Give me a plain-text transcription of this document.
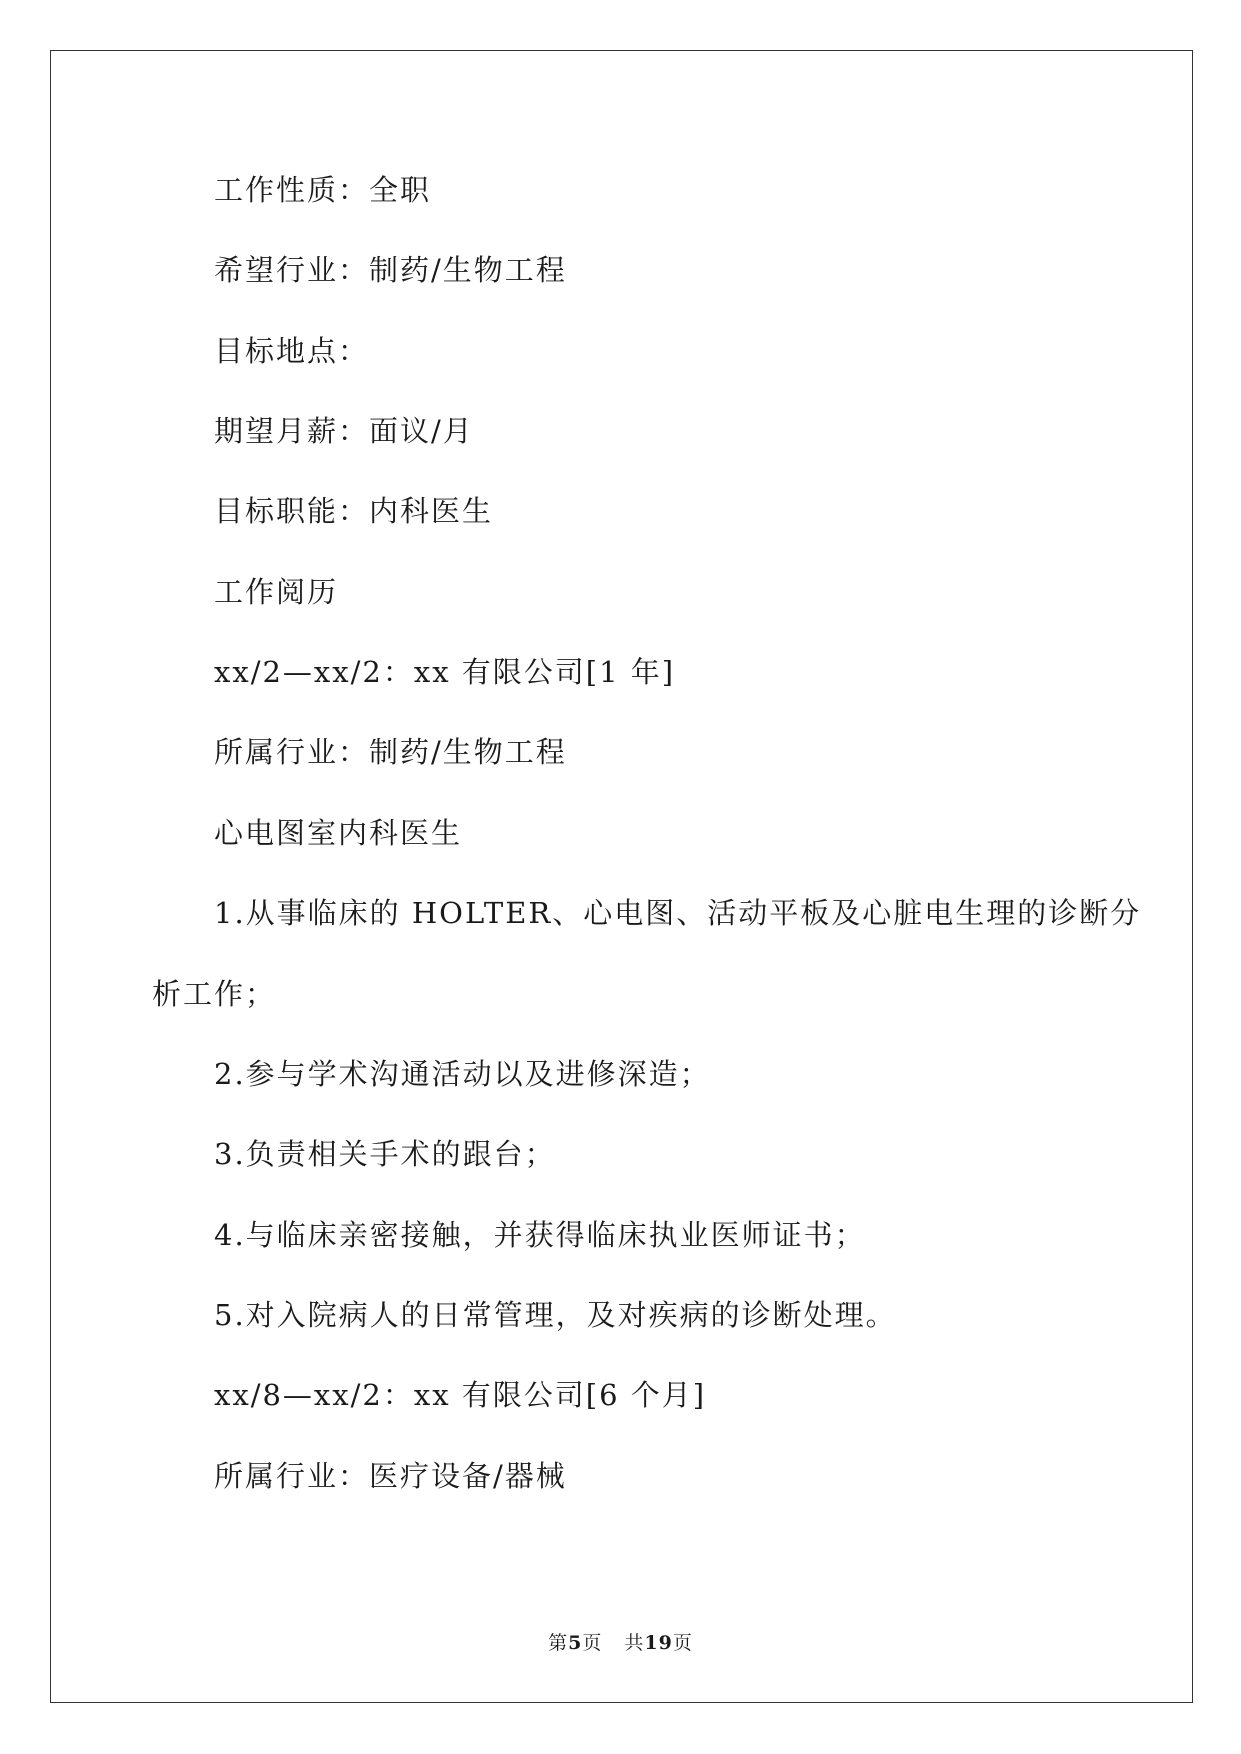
工作性质：全职
希望行业：制药/生物工程
目标地点：
期望月薪：面议/月
目标职能：内科医生
工作阅历
xx/2—xx/2：xx 有限公司[1 年]
所属行业：制药/生物工程
心电图室内科医生
1.从事临床的 HOLTER、心电图、活动平板及心脏电生理的诊断分
析工作；
2.参与学术沟通活动以及进修深造；
3.负责相关手术的跟台；
4.与临床亲密接触，并获得临床执业医师证书；
5.对入院病人的日常管理，及对疾病的诊断处理。
xx/8—xx/2：xx 有限公司[6 个月]
所属行业：医疗设备/器械
第5页 共19页
